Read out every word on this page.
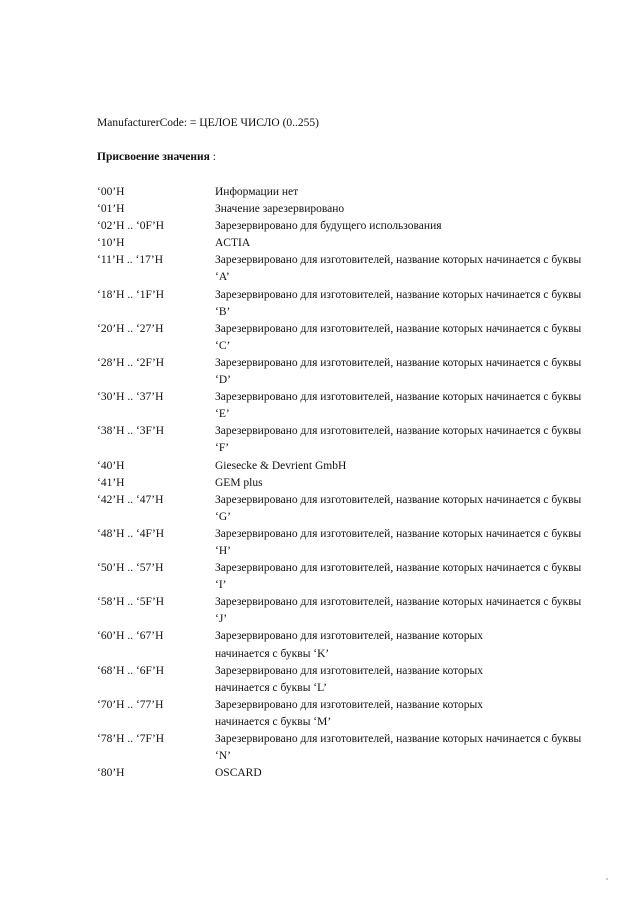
ManufacturerCode: = ЦЕЛОЕ ЧИСЛО (0..255)
Присвоение значения :
‘00’H	Информации нет
‘01’H	Значение зарезервировано
‘02’H .. ‘0F’H	Зарезервировано для будущего использования
‘10’H	ACTIA
‘11’H .. ‘17’H	Зарезервировано для изготовителей, название которых начинается с буквы ‘A’
‘18’H .. ‘1F’H	Зарезервировано для изготовителей, название которых начинается с буквы ‘B’
‘20’H .. ‘27’H	Зарезервировано для изготовителей, название которых начинается с буквы ‘C’
‘28’H .. ‘2F’H	Зарезервировано для изготовителей, название которых начинается с буквы ‘D’
‘30’H .. ‘37’H	Зарезервировано для изготовителей, название которых начинается с буквы ‘E’
‘38’H .. ‘3F’H	Зарезервировано для изготовителей, название которых начинается с буквы ‘F’
‘40’H	Giesecke & Devrient GmbH
‘41’H	GEM plus
‘42’H .. ‘47’H	Зарезервировано для изготовителей, название которых начинается с буквы ‘G’
‘48’H .. ‘4F’H	Зарезервировано для изготовителей, название которых начинается с буквы ‘H’
‘50’H .. ‘57’H	Зарезервировано для изготовителей, название которых начинается с буквы ‘I’
‘58’H .. ‘5F’H	Зарезервировано для изготовителей, название которых начинается с буквы ‘J’
‘60’H .. ‘67’H	Зарезервировано для изготовителей, название которых
начинается с буквы ‘K’
‘68’H .. ‘6F’H	Зарезервировано для изготовителей, название которых
начинается с буквы ‘L’
‘70’H .. ‘77’H	Зарезервировано для изготовителей, название которых
начинается с буквы ‘M’
‘78’H .. ‘7F’H	Зарезервировано для изготовителей, название которых начинается с буквы ‘N’
‘80’H	OSCARD
